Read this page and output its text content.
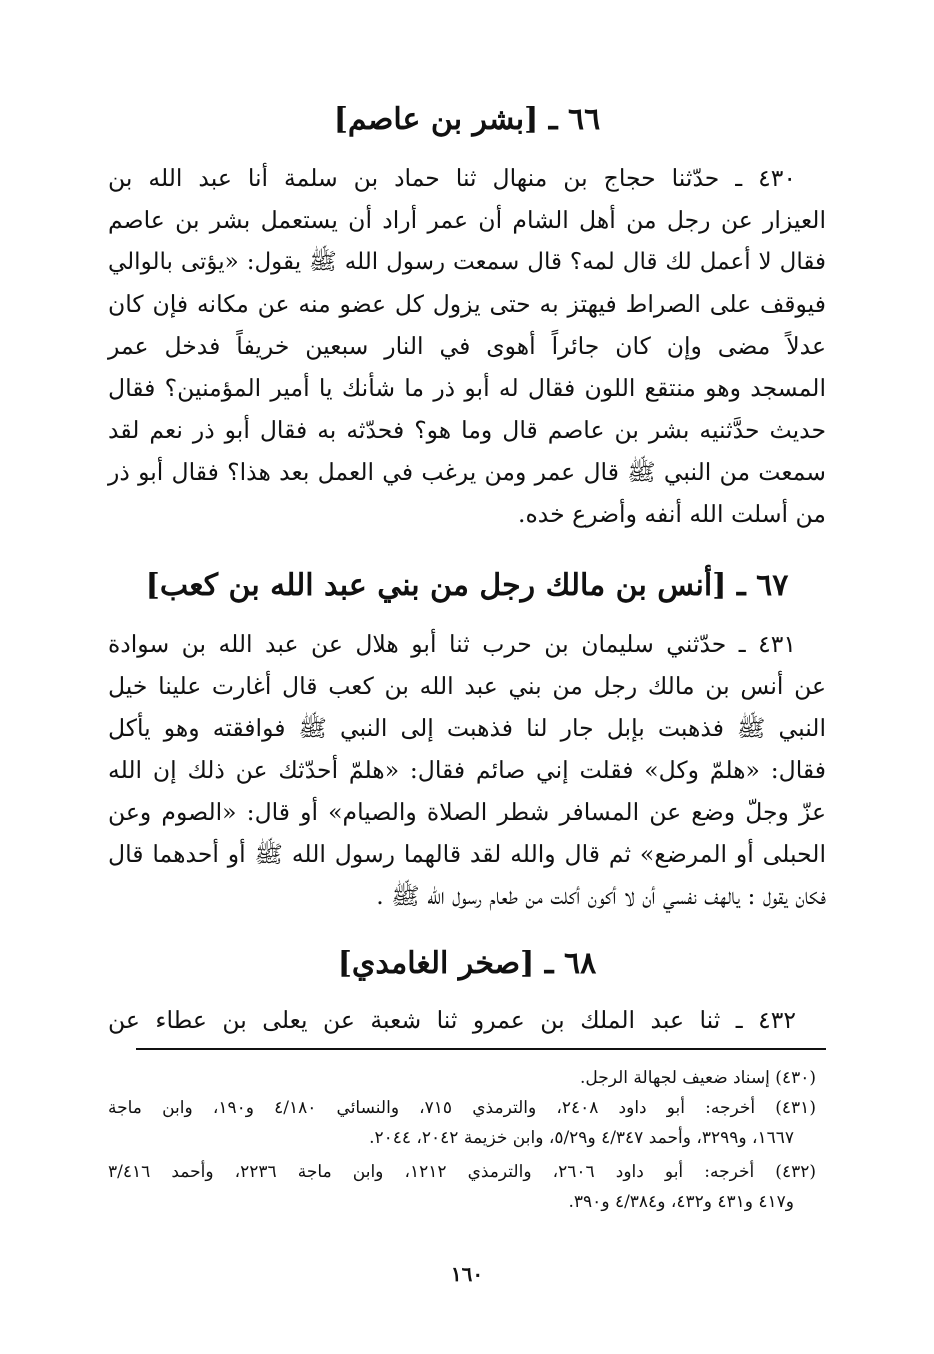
٦٦ ـ [بشر بن عاصم]
٤٣٠ ـ حدّثنا حجاج بن منهال ثنا حماد بن سلمة أنا عبد الله بن
العيزار عن رجل من أهل الشام أن عمر أراد أن يستعمل بشر بن عاصم
فقال لا أعمل لك قال لمه؟ قال سمعت رسول الله ﷺ يقول: «يؤتى بالوالي
فيوقف على الصراط فيهتز به حتى يزول كل عضو منه عن مكانه فإن كان
عدلاً مضى وإن كان جائراً أهوى في النار سبعين خريفاً فدخل عمر
المسجد وهو منتقع اللون فقال له أبو ذر ما شأنك يا أمير المؤمنين؟ فقال
حديث حدَّثنيه بشر بن عاصم قال وما هو؟ فحدّثه به فقال أبو ذر نعم لقد
سمعت من النبي ﷺ قال عمر ومن يرغب في العمل بعد هذا؟ فقال أبو ذر
من أسلت الله أنفه وأضرع خده.
٦٧ ـ [أنس بن مالك رجل من بني عبد الله بن كعب]
٤٣١ ـ حدّثني سليمان بن حرب ثنا أبو هلال عن عبد الله بن سوادة
عن أنس بن مالك رجل من بني عبد الله بن كعب قال أغارت علينا خيل
النبي ﷺ فذهبت بإبل جار لنا فذهبت إلى النبي ﷺ فوافقته وهو يأكل
فقال: «هلمّ وكل» فقلت إني صائم فقال: «هلمّ أحدّثك عن ذلك إن الله
عزّ وجلّ وضع عن المسافر شطر الصلاة والصيام» أو قال: «الصوم وعن
الحبلى أو المرضع» ثم قال والله لقد قالهما رسول الله ﷺ أو أحدهما قال
فكان يقول : يالهف نفسي أن لا أكون أكلت من طعام رسول الله ﷺ .
٦٨ ـ [صخر الغامدي]
٤٣٢ ـ ثنا عبد الملك بن عمرو ثنا شعبة عن يعلى بن عطاء عن
(٤٣٠) إسناد ضعيف لجهالة الرجل.
(٤٣١) أخرجه: أبو داود ٢٤٠٨، والترمذي ٧١٥، والنسائي ٤/١٨٠ و١٩٠، وابن ماجة
١٦٦٧، و٣٢٩٩، وأحمد ٤/٣٤٧ و٥/٢٩، وابن خزيمة ٢٠٤٢، ٢٠٤٤.
(٤٣٢) أخرجه: أبو داود ٢٦٠٦، والترمذي ١٢١٢، وابن ماجة ٢٢٣٦، وأحمد ٣/٤١٦
و٤١٧ و٤٣١ و٤٣٢، و٤/٣٨٤ و٣٩٠.
١٦٠
